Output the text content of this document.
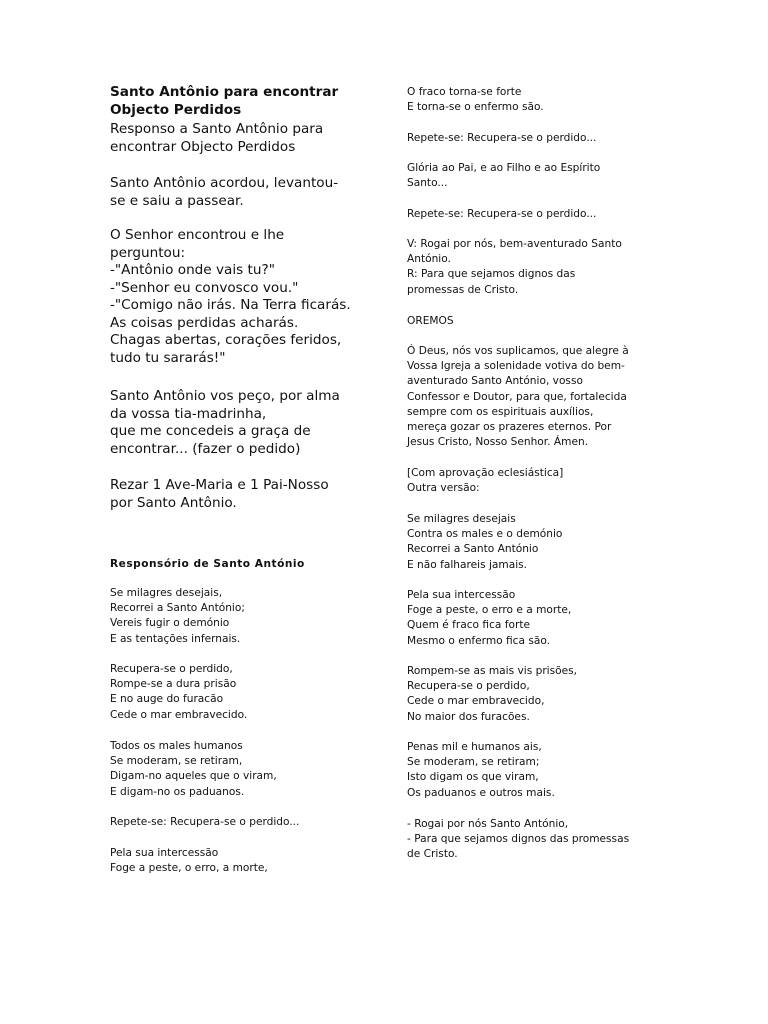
Santo Antônio para encontrar
Objecto Perdidos
Responso a Santo Antônio para
encontrar Objecto Perdidos
Santo Antônio acordou, levantou-
se e saiu a passear.
O Senhor encontrou e lhe
perguntou:
-"Antônio onde vais tu?"
-"Senhor eu convosco vou."
-"Comigo não irás. Na Terra ficarás.
As coisas perdidas acharás.
Chagas abertas, corações feridos,
tudo tu sararás!"
Santo Antônio vos peço, por alma
da vossa tia-madrinha,
que me concedeis a graça de
encontrar... (fazer o pedido)
Rezar 1 Ave-Maria e 1 Pai-Nosso
por Santo Antônio.
Responsório de Santo António
Se milagres desejais,
Recorrei a Santo António;
Vereis fugir o demónio
E as tentações infernais.
Recupera-se o perdido,
Rompe-se a dura prisão
E no auge do furacão
Cede o mar embravecido.
Todos os males humanos
Se moderam, se retiram,
Digam-no aqueles que o viram,
E digam-no os paduanos.
Repete-se: Recupera-se o perdido...
Pela sua intercessão
Foge a peste, o erro, a morte,
O fraco torna-se forte
E torna-se o enfermo são.
Repete-se: Recupera-se o perdido...
Glória ao Pai, e ao Filho e ao Espírito
Santo...
Repete-se: Recupera-se o perdido...
V: Rogai por nós, bem-aventurado Santo
António.
R: Para que sejamos dignos das
promessas de Cristo.
OREMOS
Ó Deus, nós vos suplicamos, que alegre à
Vossa Igreja a solenidade votiva do bem-
aventurado Santo António, vosso
Confessor e Doutor, para que, fortalecida
sempre com os espirituais auxílios,
mereça gozar os prazeres eternos. Por
Jesus Cristo, Nosso Senhor. Ámen.
[Com aprovação eclesiástica]
Outra versão:
Se milagres desejais
Contra os males e o demónio
Recorrei a Santo António
E não falhareis jamais.
Pela sua intercessão
Foge a peste, o erro e a morte,
Quem é fraco fica forte
Mesmo o enfermo fica são.
Rompem-se as mais vis prisões,
Recupera-se o perdido,
Cede o mar embravecido,
No maior dos furacões.
Penas mil e humanos ais,
Se moderam, se retiram;
Isto digam os que viram,
Os paduanos e outros mais.
- Rogai por nós Santo António,
- Para que sejamos dignos das promessas
de Cristo.
